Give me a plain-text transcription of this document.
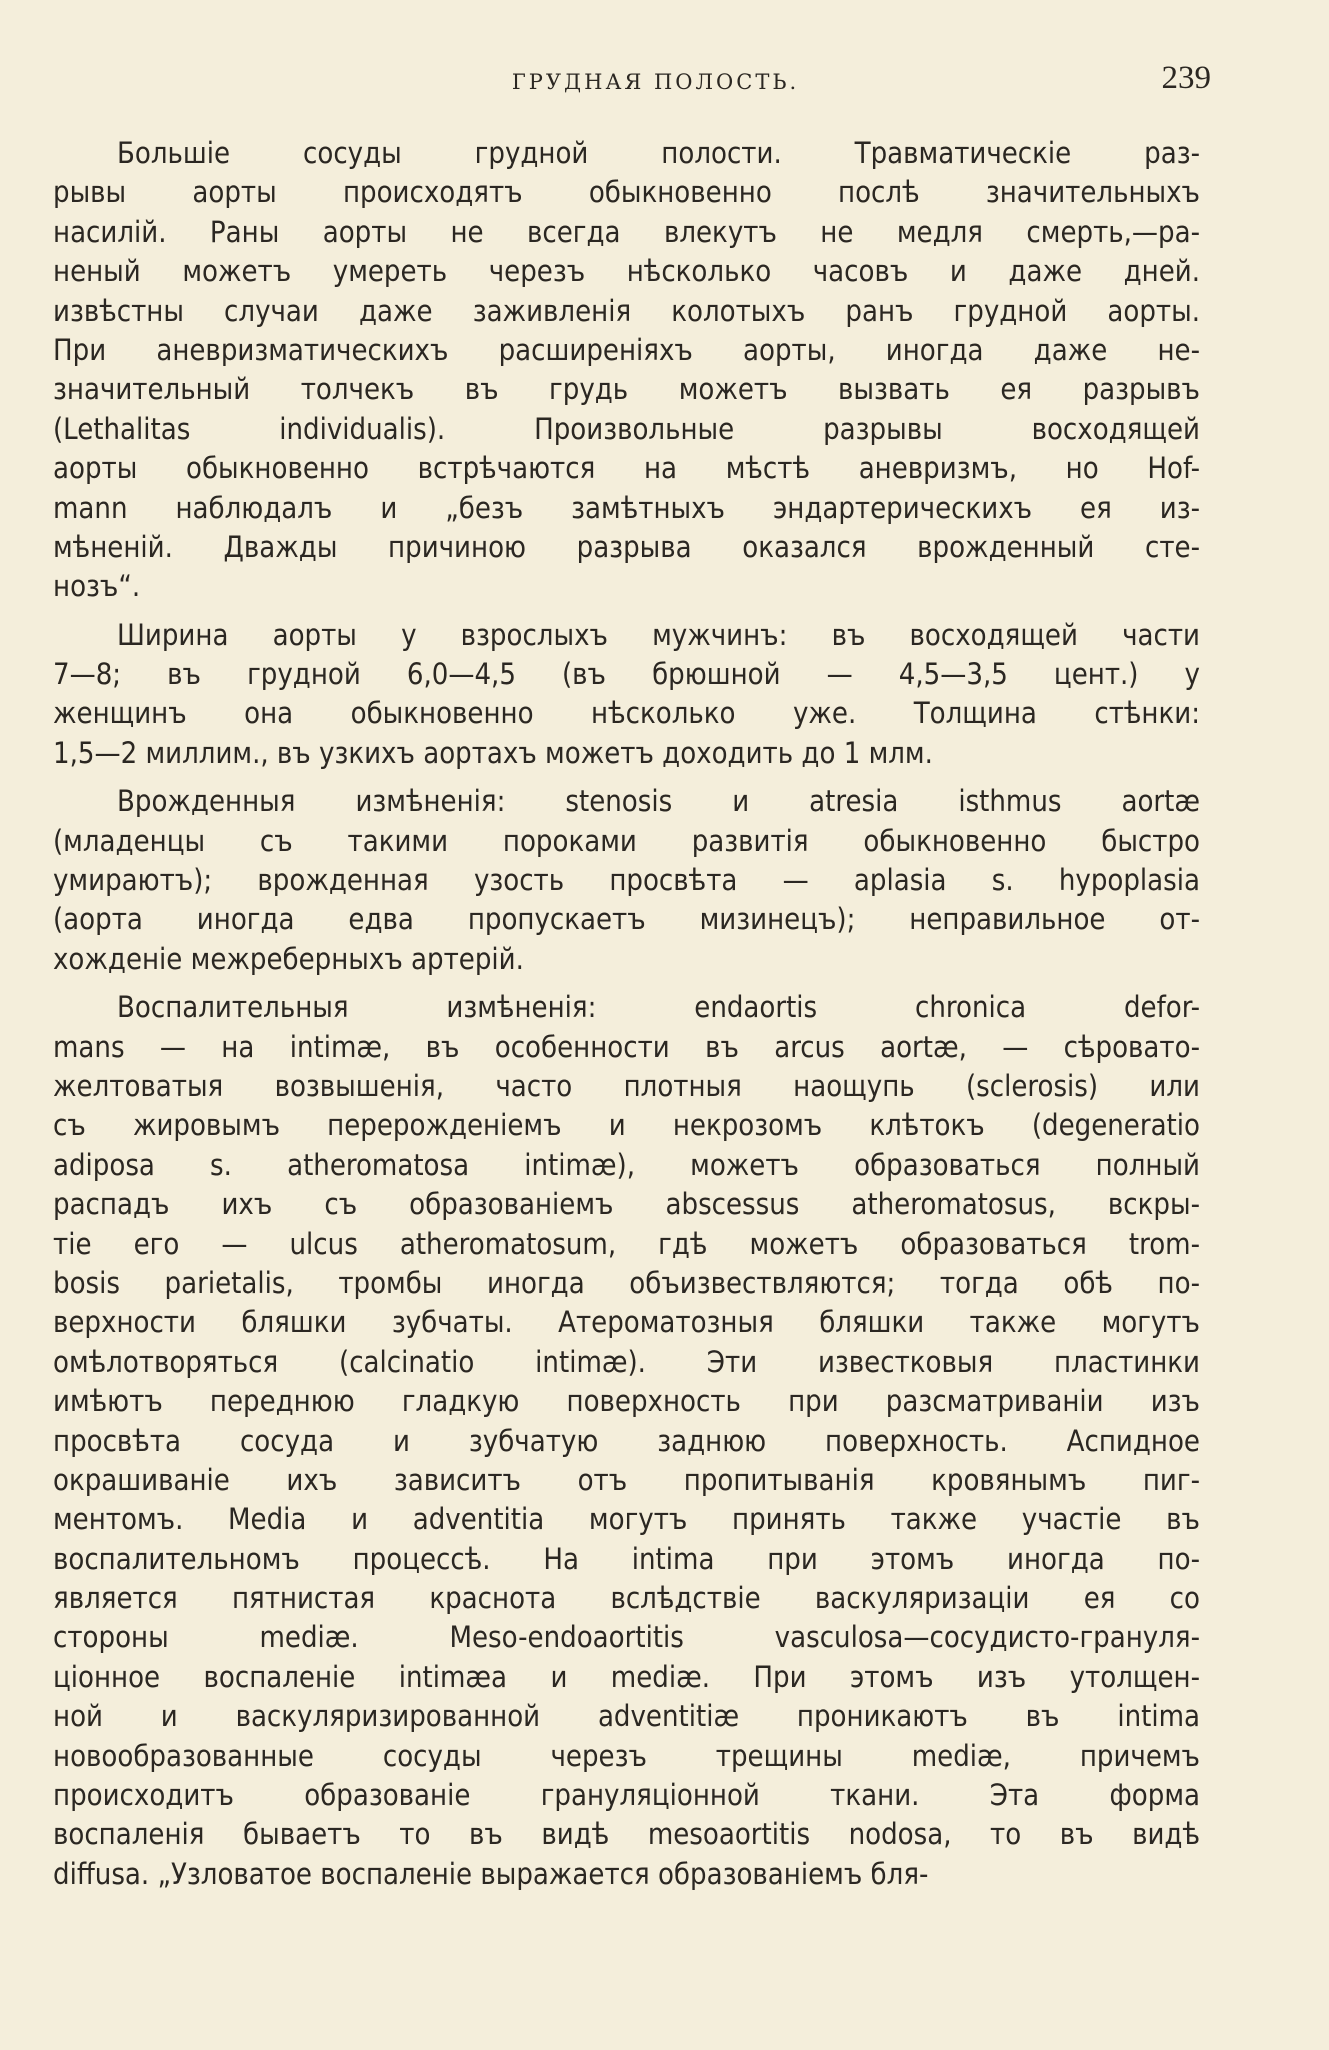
ГРУДНАЯ ПОЛОСТЬ.	239
Большіе сосуды грудной полости. Травматическіе раз-
рывы аорты происходятъ обыкновенно послѣ значительныхъ
насилій. Раны аорты не всегда влекутъ не медля смерть,—ра-
неный можетъ умереть черезъ нѣсколько часовъ и даже дней.
извѣстны случаи даже заживленія колотыхъ ранъ грудной аорты.
При аневризматическихъ расширеніяхъ аорты, иногда даже не-
значительный толчекъ въ грудь можетъ вызвать ея разрывъ
(Lethalitas individualis). Произвольные разрывы восходящей
аорты обыкновенно встрѣчаются на мѣстѣ аневризмъ, но Hof-
mann наблюдалъ и „безъ замѣтныхъ эндартерическихъ ея из-
мѣненій. Дважды причиною разрыва оказался врожденный сте-
нозъ“.
Ширина аорты у взрослыхъ мужчинъ: въ восходящей части
7—8; въ грудной 6,0—4,5 (въ брюшной — 4,5—3,5 цент.) у
женщинъ она обыкновенно нѣсколько уже. Толщина стѣнки:
1,5—2 миллим., въ узкихъ аортахъ можетъ доходить до 1 млм.
Врожденныя измѣненія: stenosis и atresia isthmus aortæ
(младенцы съ такими пороками развитія обыкновенно быстро
умираютъ); врожденная узость просвѣта — aplasia s. hypoplasia
(аорта иногда едва пропускаетъ мизинецъ); неправильное от-
хожденіе межреберныхъ артерій.
Воспалительныя измѣненія: endaortis chronica defor-
mans — на intimæ, въ особенности въ arcus aortæ, — сѣровато-
желтоватыя возвышенія, часто плотныя наощупь (sclerosis) или
съ жировымъ перерожденіемъ и некрозомъ клѣтокъ (degeneratio
adiposa s. atheromatosa intimæ), можетъ образоваться полный
распадъ ихъ съ образованіемъ abscessus atheromatosus, вскры-
тіе его — ulcus atheromatosum, гдѣ можетъ образоваться trom-
bosis parietalis, тромбы иногда объизвествляются; тогда обѣ по-
верхности бляшки зубчаты. Атероматозныя бляшки также могутъ
омѣлотворяться (calcinatio intimæ). Эти известковыя пластинки
имѣютъ переднюю гладкую поверхность при разсматриваніи изъ
просвѣта сосуда и зубчатую заднюю поверхность. Аспидное
окрашиваніе ихъ зависитъ отъ пропитыванія кровянымъ пиг-
ментомъ. Media и adventitia могутъ принять также участіе въ
воспалительномъ процессѣ. На intima при этомъ иногда по-
является пятнистая краснота вслѣдствіе васкуляризаціи ея со
стороны mediæ. Meso-endoaortitis vasculosa—сосудисто-грануля-
ціонное воспаленіе intimæa и mediæ. При этомъ изъ утолщен-
ной и васкуляризированной adventitiæ проникаютъ въ intima
новообразованные сосуды черезъ трещины mediæ, причемъ
происходитъ образованіе грануляціонной ткани. Эта форма
воспаленія бываетъ то въ видѣ mesoaortitis nodosa, то въ видѣ
diffusa. „Узловатое воспаленіе выражается образованіемъ бля-
